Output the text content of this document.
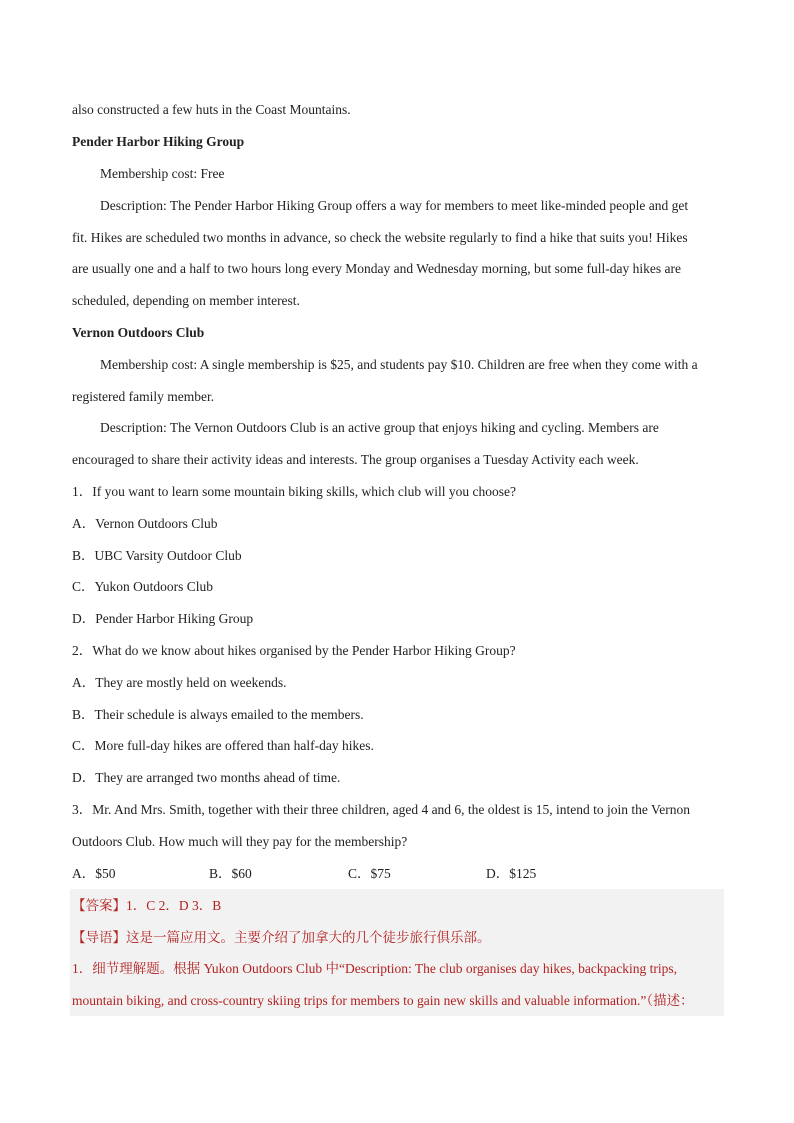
also constructed a few huts in the Coast Mountains.
Pender Harbor Hiking Group
Membership cost: Free
Description: The Pender Harbor Hiking Group offers a way for members to meet like-minded people and get
fit. Hikes are scheduled two months in advance, so check the website regularly to find a hike that suits you! Hikes
are usually one and a half to two hours long every Monday and Wednesday morning, but some full-day hikes are
scheduled, depending on member interest.
Vernon Outdoors Club
Membership cost: A single membership is $25, and students pay $10. Children are free when they come with a
registered family member.
Description: The Vernon Outdoors Club is an active group that enjoys hiking and cycling. Members are
encouraged to share their activity ideas and interests. The group organises a Tuesday Activity each week.
1．If you want to learn some mountain biking skills, which club will you choose?
A．Vernon Outdoors Club
B．UBC Varsity Outdoor Club
C．Yukon Outdoors Club
D．Pender Harbor Hiking Group
2．What do we know about hikes organised by the Pender Harbor Hiking Group?
A．They are mostly held on weekends.
B．Their schedule is always emailed to the members.
C．More full-day hikes are offered than half-day hikes.
D．They are arranged two months ahead of time.
3．Mr. And Mrs. Smith, together with their three children, aged 4 and 6, the oldest is 15, intend to join the Vernon
Outdoors Club. How much will they pay for the membership?
A．$50	B．$60	C．$75	D．$125
【答案】1．C 2．D 3．B
【导语】这是一篇应用文。主要介绍了加拿大的几个徒步旅行俱乐部。
1．细节理解题。根据 Yukon Outdoors Club 中“Description: The club organises day hikes, backpacking trips,
mountain biking, and cross-country skiing trips for members to gain new skills and valuable information.”（描述：
